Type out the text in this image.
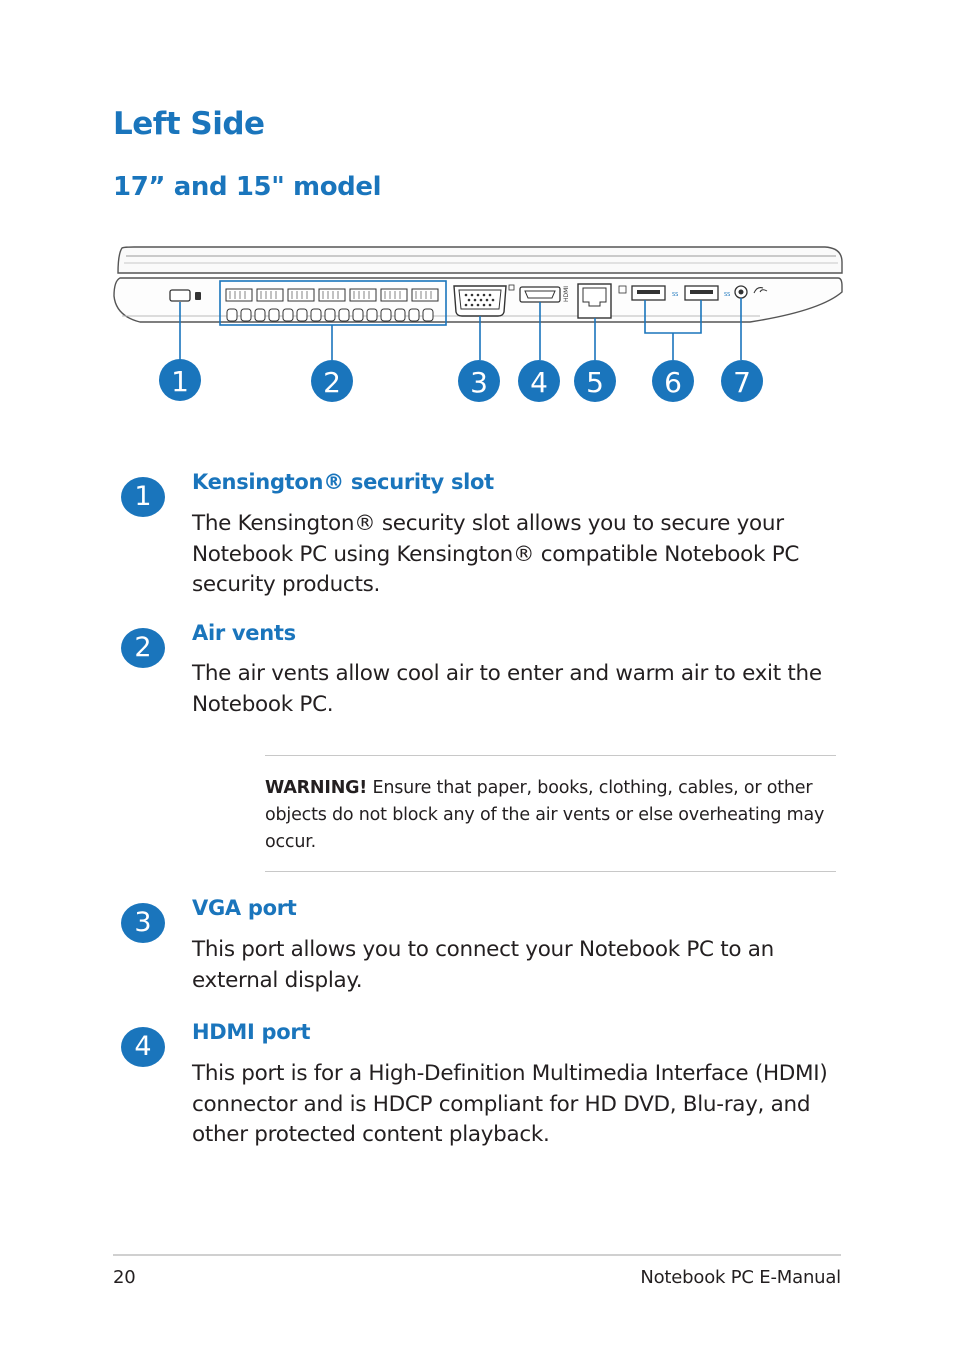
Left Side
17” and 15" model
HDMI	SS	SS
1	2	3 4 5 6 7
1	Kensington® security slot
The Kensington® security slot allows you to secure your Notebook PC using Kensington® compatible Notebook PC security products.
2	Air vents
The air vents allow cool air to enter and warm air to exit the Notebook PC.
WARNING! Ensure that paper, books, clothing, cables, or other objects do not block any of the air vents or else overheating may occur.
3	VGA port
This port allows you to connect your Notebook PC to an external display.
4	HDMI port
This port is for a High-Definition Multimedia Interface (HDMI) connector and is HDCP compliant for HD DVD, Blu-ray, and other protected content playback.
20	Notebook PC E-Manual
